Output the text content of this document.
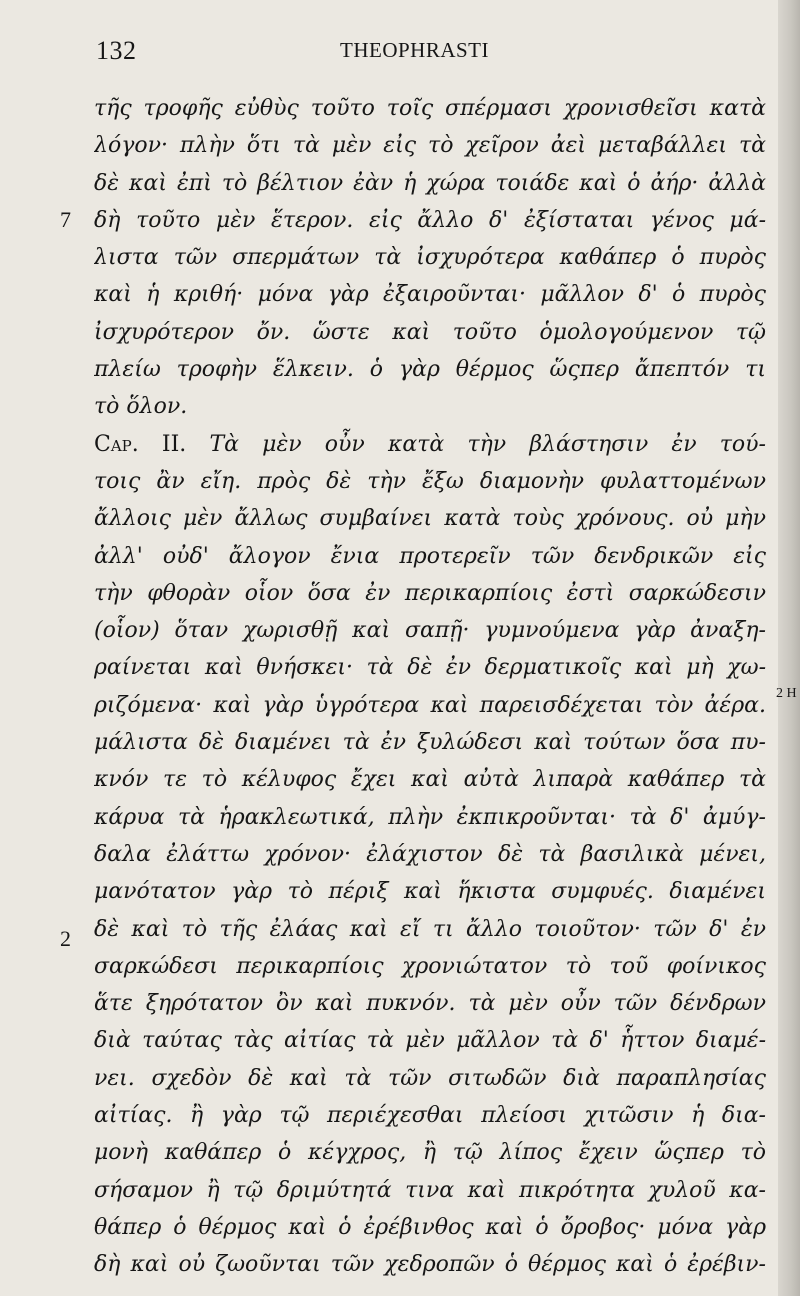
132	THEOPHRASTI
7
2
τῆς τροφῆς εὐθὺς τοῦτο τοῖς σπέρμασι χρονισθεῖσι κατὰ
λόγον· πλὴν ὅτι τὰ μὲν εἰς τὸ χεῖρον ἀεὶ μεταβάλλει τὰ
δὲ καὶ ἐπὶ τὸ βέλτιον ἐὰν ἡ χώρα τοιάδε καὶ ὁ ἀήρ· ἀλλὰ
δὴ τοῦτο μὲν ἕτερον. εἰς ἄλλο δ' ἐξίσταται γένος μά-
λιστα τῶν σπερμάτων τὰ ἰσχυρότερα καθάπερ ὁ πυρὸς
καὶ ἡ κριθή· μόνα γὰρ ἐξαιροῦνται· μᾶλλον δ' ὁ πυρὸς
ἰσχυρότερον ὄν. ὥστε καὶ τοῦτο ὁμολογούμενον τῷ
πλείω τροφὴν ἕλκειν. ὁ γὰρ θέρμος ὥςπερ ἄπεπτόν τι
τὸ ὅλον.
Cap. II. Τὰ μὲν οὖν κατὰ τὴν βλάστησιν ἐν τού-
τοις ἂν εἴη. πρὸς δὲ τὴν ἔξω διαμονὴν φυλαττομένων
ἄλλοις μὲν ἄλλως συμβαίνει κατὰ τοὺς χρόνους. οὐ μὴν
ἀλλ' οὐδ' ἄλογον ἔνια προτερεῖν τῶν δενδρικῶν εἰς
τὴν φθορὰν οἷον ὅσα ἐν περικαρπίοις ἐστὶ σαρκώδεσιν
(οἷον) ὅταν χωρισθῇ καὶ σαπῇ· γυμνούμενα γὰρ ἀναξη-
ραίνεται καὶ θνήσκει· τὰ δὲ ἐν δερματικοῖς καὶ μὴ χω-
ριζόμενα· καὶ γὰρ ὑγρότερα καὶ παρεισδέχεται τὸν ἀέρα.
μάλιστα δὲ διαμένει τὰ ἐν ξυλώδεσι καὶ τούτων ὅσα πυ-
κνόν τε τὸ κέλυφος ἔχει καὶ αὐτὰ λιπαρὰ καθάπερ τὰ
κάρυα τὰ ἡρακλεωτικά, πλὴν ἐκπικροῦνται· τὰ δ' ἀμύγ-
δαλα ἐλάττω χρόνον· ἐλάχιστον δὲ τὰ βασιλικὰ μένει,
μανότατον γὰρ τὸ πέριξ καὶ ἥκιστα συμφυές. διαμένει
δὲ καὶ τὸ τῆς ἐλάας καὶ εἴ τι ἄλλο τοιοῦτον· τῶν δ' ἐν
σαρκώδεσι περικαρπίοις χρονιώτατον τὸ τοῦ φοίνικος
ἅτε ξηρότατον ὂν καὶ πυκνόν. τὰ μὲν οὖν τῶν δένδρων
διὰ ταύτας τὰς αἰτίας τὰ μὲν μᾶλλον τὰ δ' ἧττον διαμέ-
νει. σχεδὸν δὲ καὶ τὰ τῶν σιτωδῶν διὰ παραπλησίας
αἰτίας. ἢ γὰρ τῷ περιέχεσθαι πλείοσι χιτῶσιν ἡ δια-
μονὴ καθάπερ ὁ κέγχρος, ἢ τῷ λίπος ἔχειν ὥςπερ τὸ
σήσαμον ἢ τῷ δριμύτητά τινα καὶ πικρότητα χυλοῦ κα-
θάπερ ὁ θέρμος καὶ ὁ ἐρέβινθος καὶ ὁ ὄροβος· μόνα γὰρ
δὴ καὶ οὐ ζωοῦνται τῶν χεδροπῶν ὁ θέρμος καὶ ὁ ἐρέβιν-
2 H
